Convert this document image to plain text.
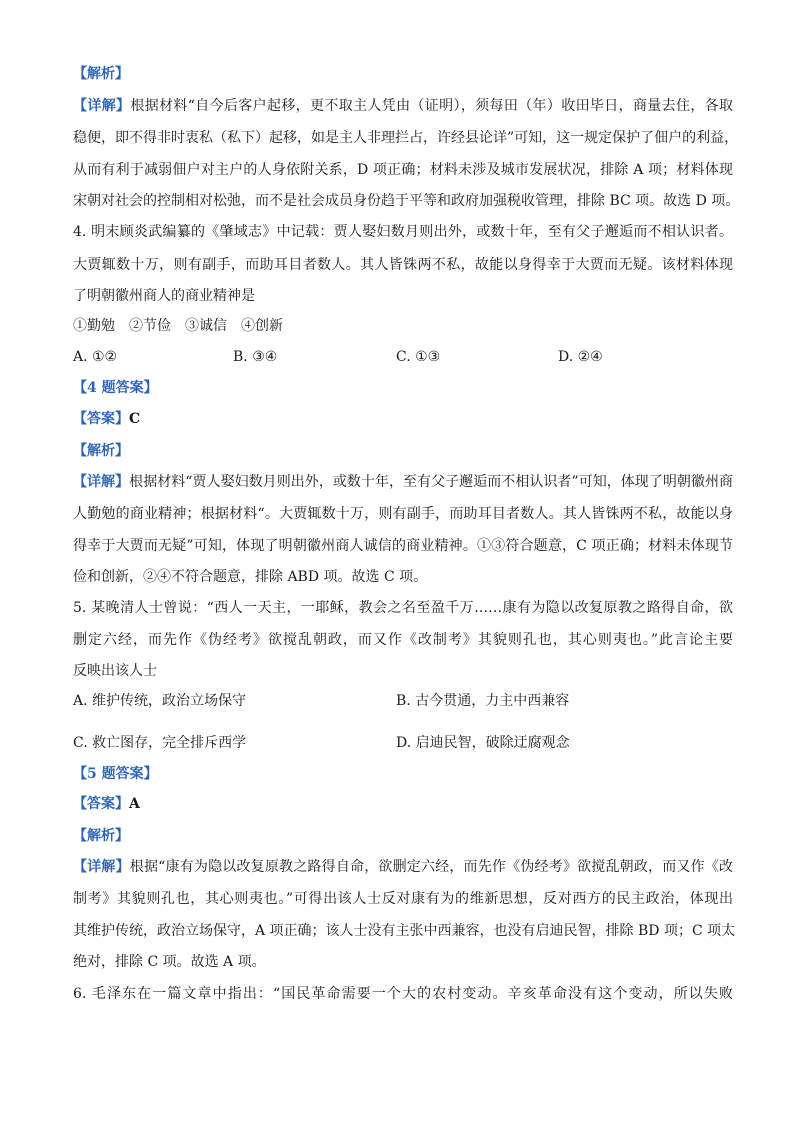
【解析】
【详解】根据材料“自今后客户起移，更不取主人凭由（证明），须每田（年）收田毕日，商量去住，各取
稳便，即不得非时衷私（私下）起移，如是主人非理拦占，许经县论详”可知，这一规定保护了佃户的利益，
从而有利于减弱佃户对主户的人身依附关系，D 项正确；材料未涉及城市发展状况，排除 A 项；材料体现
宋朝对社会的控制相对松弛，而不是社会成员身份趋于平等和政府加强税收管理，排除 BC 项。故选 D 项。
4. 明末顾炎武编纂的《肇域志》中记载：贾人娶妇数月则出外，或数十年，至有父子邂逅而不相认识者。
大贾辄数十万，则有副手，而助耳目者数人。其人皆铢两不私，故能以身得幸于大贾而无疑。该材料体现
了明朝徽州商人的商业精神是
①勤勉　②节俭　③诚信　④创新
A. ①②	B. ③④	C. ①③	D. ②④
【4 题答案】
【答案】C
【解析】
【详解】根据材料“贾人娶妇数月则出外，或数十年，至有父子邂逅而不相认识者”可知，体现了明朝徽州商
人勤勉的商业精神；根据材料“。大贾辄数十万，则有副手，而助耳目者数人。其人皆铢两不私，故能以身
得幸于大贾而无疑”可知，体现了明朝徽州商人诚信的商业精神。①③符合题意，C 项正确；材料未体现节
俭和创新，②④不符合题意，排除 ABD 项。故选 C 项。
5. 某晚清人士曾说：“西人一天主，一耶稣，教会之名至盈千万……康有为隐以改复原教之路得自命，欲
删定六经，而先作《伪经考》欲搅乱朝政，而又作《改制考》其貌则孔也，其心则夷也。”此言论主要
反映出该人士
A. 维护传统，政治立场保守	B. 古今贯通，力主中西兼容
C. 救亡图存，完全排斥西学	D. 启迪民智，破除迂腐观念
【5 题答案】
【答案】A
【解析】
【详解】根据“康有为隐以改复原教之路得自命，欲删定六经，而先作《伪经考》欲搅乱朝政，而又作《改
制考》其貌则孔也，其心则夷也。”可得出该人士反对康有为的维新思想，反对西方的民主政治，体现出
其维护传统，政治立场保守，A 项正确；该人士没有主张中西兼容，也没有启迪民智，排除 BD 项；C 项太
绝对，排除 C 项。故选 A 项。
6. 毛泽东在一篇文章中指出：“国民革命需要一个大的农村变动。辛亥革命没有这个变动，所以失败
